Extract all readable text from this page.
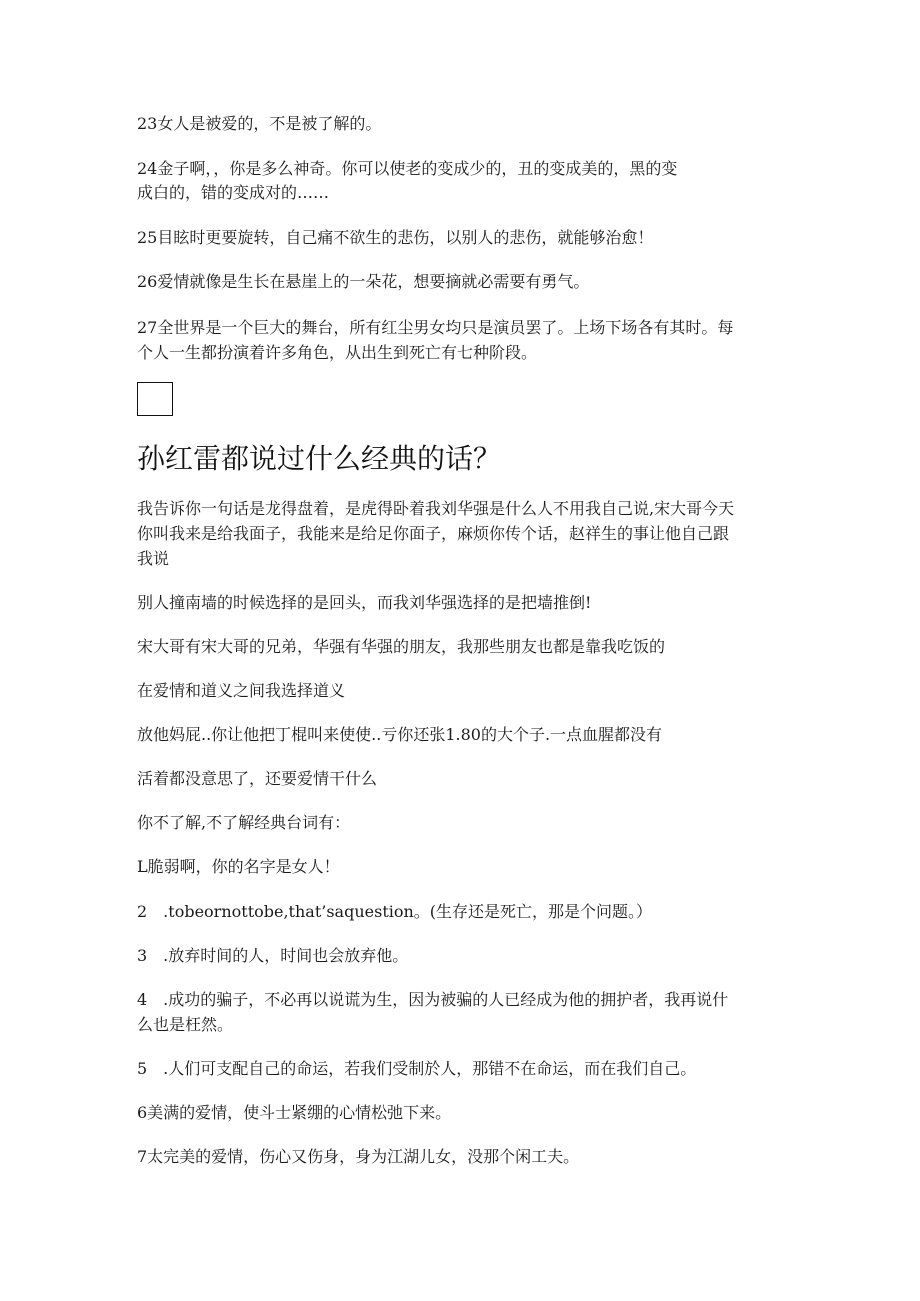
23女人是被爱的，不是被了解的。
24金子啊，，你是多么神奇。你可以使老的变成少的，丑的变成美的，黑的变
成白的，错的变成对的……
25目眩时更要旋转，自己痛不欲生的悲伤，以别人的悲伤，就能够治愈！
26爱情就像是生长在悬崖上的一朵花，想要摘就必需要有勇气。
27全世界是一个巨大的舞台，所有红尘男女均只是演员罢了。上场下场各有其时。每
个人一生都扮演着许多角色，从出生到死亡有七种阶段。
孙红雷都说过什么经典的话？
我告诉你一句话是龙得盘着，是虎得卧着我刘华强是什么人不用我自己说,宋大哥今天
你叫我来是给我面子，我能来是给足你面子，麻烦你传个话，赵祥生的事让他自己跟
我说
别人撞南墙的时候选择的是回头，而我刘华强选择的是把墙推倒!
宋大哥有宋大哥的兄弟，华强有华强的朋友，我那些朋友也都是靠我吃饭的
在爱情和道义之间我选择道义
放他妈屁..你让他把丁棍叫来使使..亏你还张1.80的大个子.一点血腥都没有
活着都没意思了，还要爱情干什么
你不了解,不了解经典台词有：
L脆弱啊，你的名字是女人！
2　.tobeornottobe,that’saquestion。(生存还是死亡，那是个问题。）
3　.放弃时间的人，时间也会放弃他。
4　.成功的骗子，不必再以说谎为生，因为被骗的人已经成为他的拥护者，我再说什
么也是枉然。
5　.人们可支配自己的命运，若我们受制於人，那错不在命运，而在我们自己。
6美满的爱情，使斗士紧绷的心情松弛下来。
7太完美的爱情，伤心又伤身，身为江湖儿女，没那个闲工夫。
